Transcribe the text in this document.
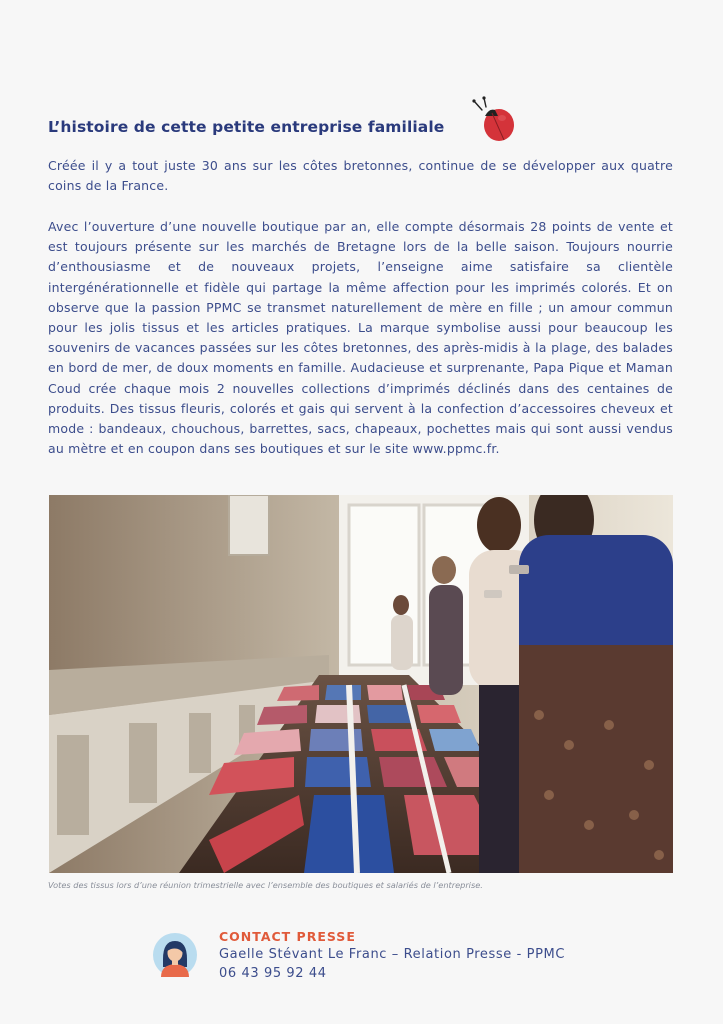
L’histoire de cette petite entreprise familiale
Créée il y a tout juste 30 ans sur les côtes bretonnes, continue de se développer aux quatre coins de la France.
Avec l’ouverture d’une nouvelle boutique par an, elle compte désormais 28 points de vente et est toujours présente sur les marchés de Bretagne lors de la belle saison. Toujours nourrie d’enthousiasme et de nouveaux projets, l’enseigne aime satisfaire sa clientèle intergénérationnelle et fidèle qui partage la même affection pour les imprimés colorés. Et on observe que la passion PPMC se transmet naturellement de mère en fille ; un amour commun pour les jolis tissus et les articles pratiques. La marque symbolise aussi pour beaucoup les souvenirs de vacances passées sur les côtes bretonnes, des après-midis à la plage, des balades en bord de mer, de doux moments en famille. Audacieuse et surprenante, Papa Pique et Maman Coud crée chaque mois 2 nouvelles collections d’imprimés déclinés dans des centaines de produits. Des tissus fleuris, colorés et gais qui servent à la confection d’accessoires cheveux et mode : bandeaux, chouchous, barrettes, sacs, chapeaux, pochettes mais qui sont aussi vendus au mètre et en coupon dans ses boutiques et sur le site www.ppmc.fr.
Votes des tissus lors d’une réunion trimestrielle avec l’ensemble des boutiques et salariés de l’entreprise.
CONTACT PRESSE
Gaelle Stévant Le Franc – Relation Presse - PPMC
06 43 95 92 44
